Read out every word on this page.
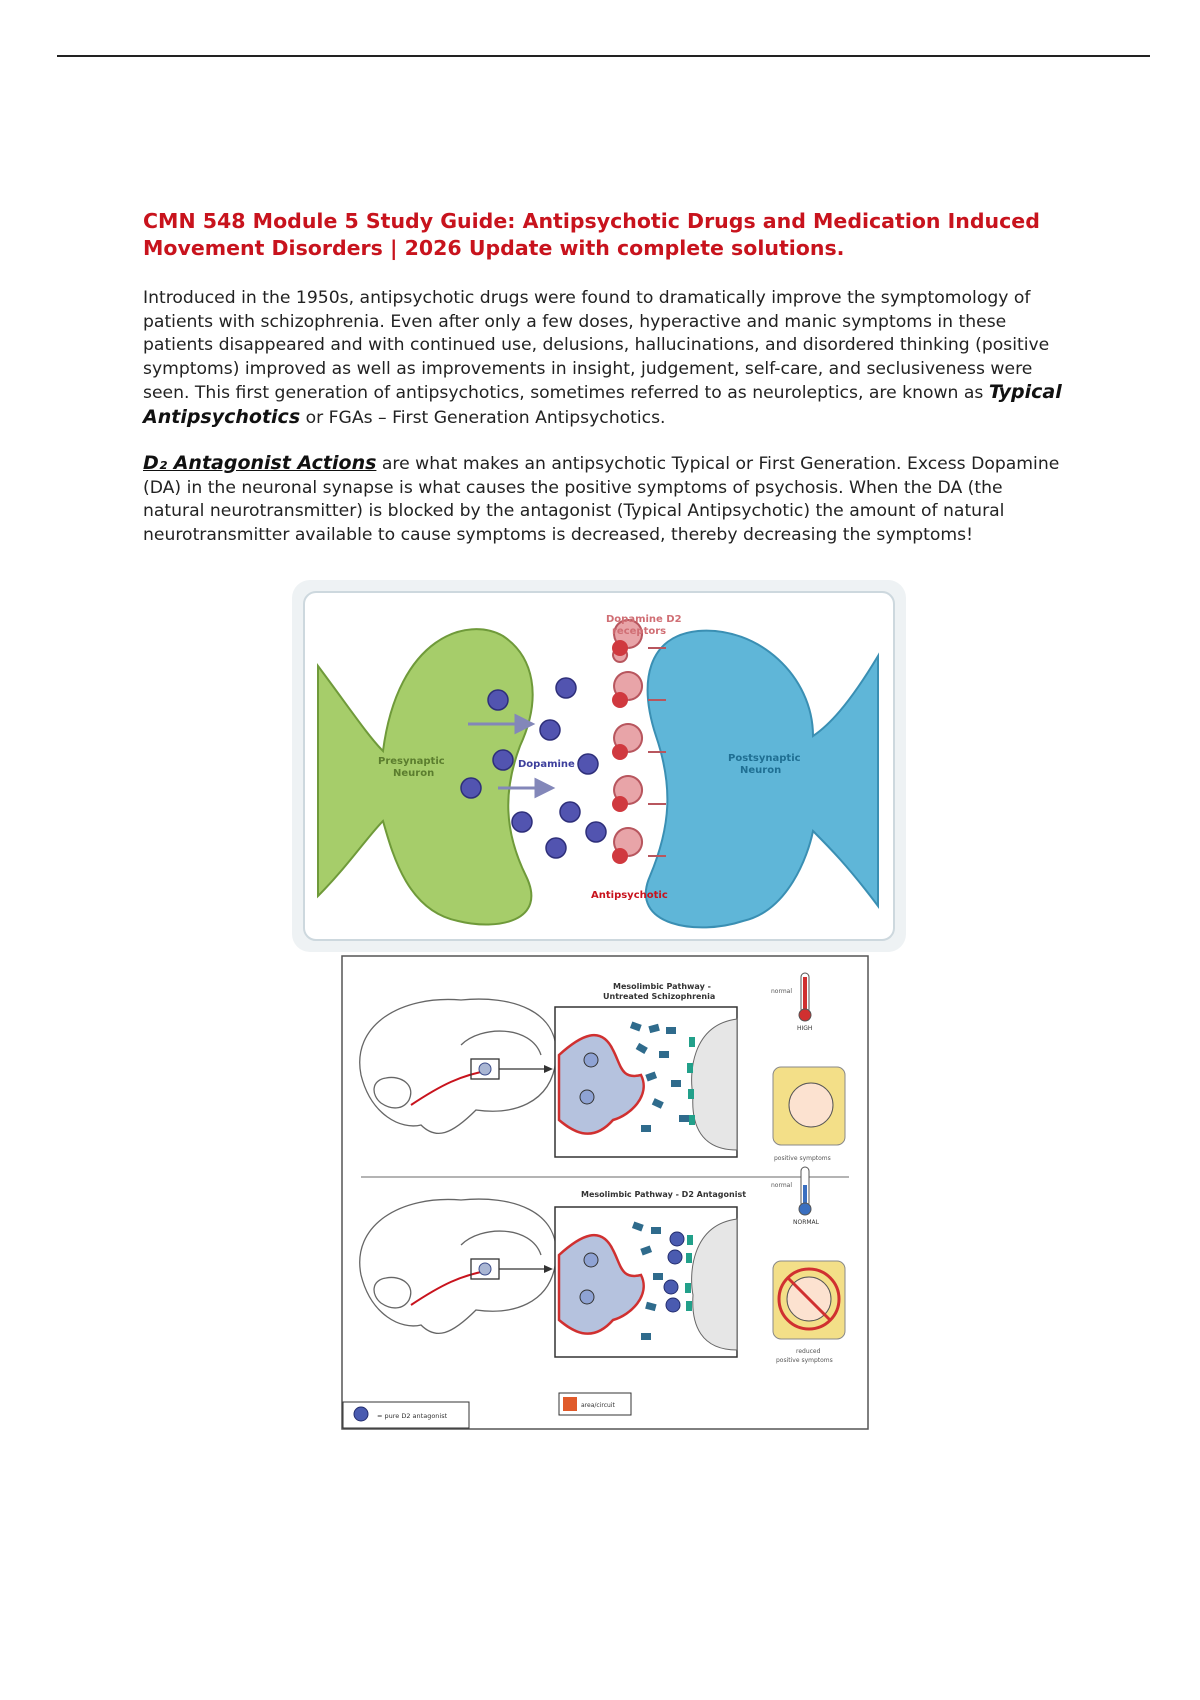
CMN 548 Module 5 Study Guide: Antipsychotic Drugs and Medication Induced Movement Disorders | 2026 Update with complete solutions.

Introduced in the 1950s, antipsychotic drugs were found to dramatically improve the symptomology of patients with schizophrenia. Even after only a few doses, hyperactive and manic symptoms in these patients disappeared and with continued use, delusions, hallucinations, and disordered thinking (positive symptoms) improved as well as improvements in insight, judgement, self-care, and seclusiveness were seen. This first generation of antipsychotics, sometimes referred to as neuroleptics, are known as Typical Antipsychotics or FGAs – First Generation Antipsychotics.

D₂ Antagonist Actions are what makes an antipsychotic Typical or First Generation. Excess Dopamine (DA) in the neuronal synapse is what causes the positive symptoms of psychosis. When the DA (the natural neurotransmitter) is blocked by the antagonist (Typical Antipsychotic) the amount of natural neurotransmitter available to cause symptoms is decreased, thereby decreasing the symptoms!

Presynaptic
Neuron
Postsynaptic
Neuron
Dopamine D2
receptors
Antipsychotic
Dopamine
Mesolimbic Pathway -
Untreated Schizophrenia
normal
HIGH
positive symptoms
Mesolimbic Pathway - D2 Antagonist
normal
NORMAL
reduced
positive symptoms
= pure D2 antagonist
area/circuit
